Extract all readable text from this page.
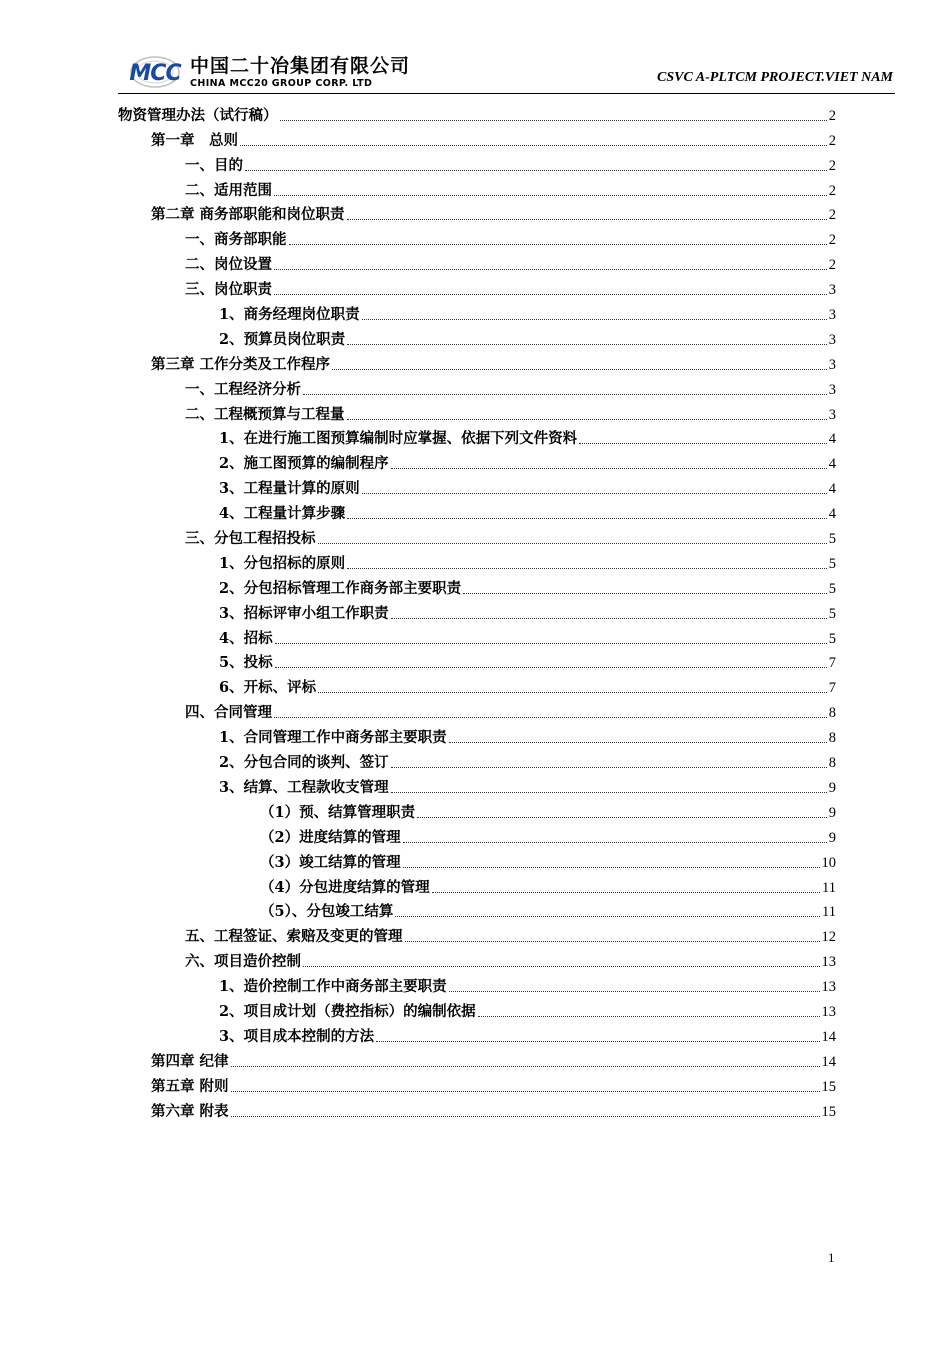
MCC 中国二十冶集团有限公司
CHINA MCC20 GROUP CORP. LTD	CSVC A-PLTCM PROJECT.VIET NAM
物资管理办法（试行稿）	2
第一章　总则	2
一、目的	2
二、适用范围	2
第二章 商务部职能和岗位职责	2
一、商务部职能	2
二、岗位设置	2
三、岗位职责	3
1、商务经理岗位职责	3
2、预算员岗位职责	3
第三章 工作分类及工作程序	3
一、工程经济分析	3
二、工程概预算与工程量	3
1、在进行施工图预算编制时应掌握、依据下列文件资料	4
2、施工图预算的编制程序	4
3、工程量计算的原则	4
4、工程量计算步骤	4
三、分包工程招投标	5
1、分包招标的原则	5
2、分包招标管理工作商务部主要职责	5
3、招标评审小组工作职责	5
4、招标	5
5、投标	7
6、开标、评标	7
四、合同管理	8
1、合同管理工作中商务部主要职责	8
2、分包合同的谈判、签订	8
3、结算、工程款收支管理	9
（1）预、结算管理职责	9
（2）进度结算的管理	9
（3）竣工结算的管理	10
（4）分包进度结算的管理	11
（5）、分包竣工结算	11
五、工程签证、索赔及变更的管理	12
六、项目造价控制	13
1、造价控制工作中商务部主要职责	13
2、项目成计划（费控指标）的编制依据	13
3、项目成本控制的方法	14
第四章 纪律	14
第五章 附则	15
第六章 附表	15
1
